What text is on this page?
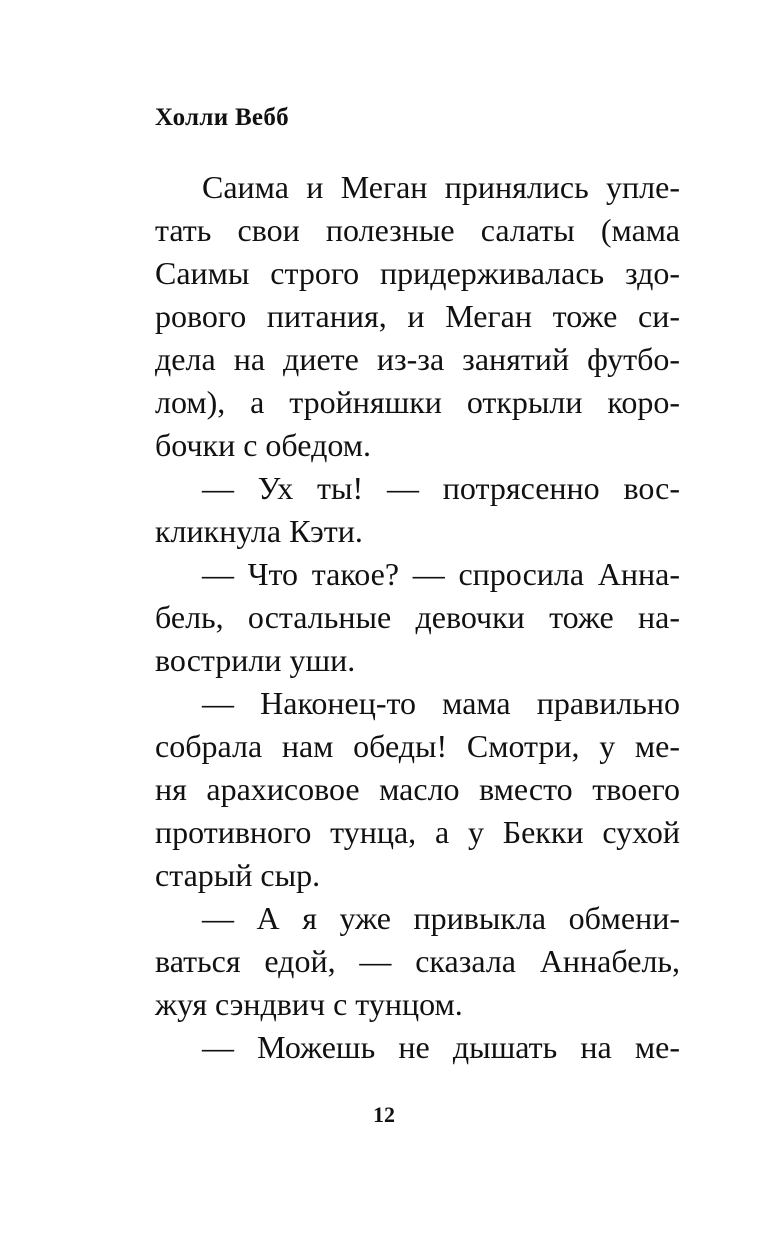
Холли Вебб
Саима и Меган принялись упле-
тать свои полезные салаты (мама
Саимы строго придерживалась здо-
рового питания, и Меган тоже си-
дела на диете из-за занятий футбо-
лом), а тройняшки открыли коро-
бочки с обедом.
— Ух ты! — потрясенно вос-
кликнула Кэти.
— Что такое? — спросила Анна-
бель, остальные девочки тоже на-
вострили уши.
— Наконец-то мама правильно
собрала нам обеды! Смотри, у ме-
ня арахисовое масло вместо твоего
противного тунца, а у Бекки сухой
старый сыр.
— А я уже привыкла обмени-
ваться едой, — сказала Аннабель,
жуя сэндвич с тунцом.
— Можешь не дышать на ме-
12
